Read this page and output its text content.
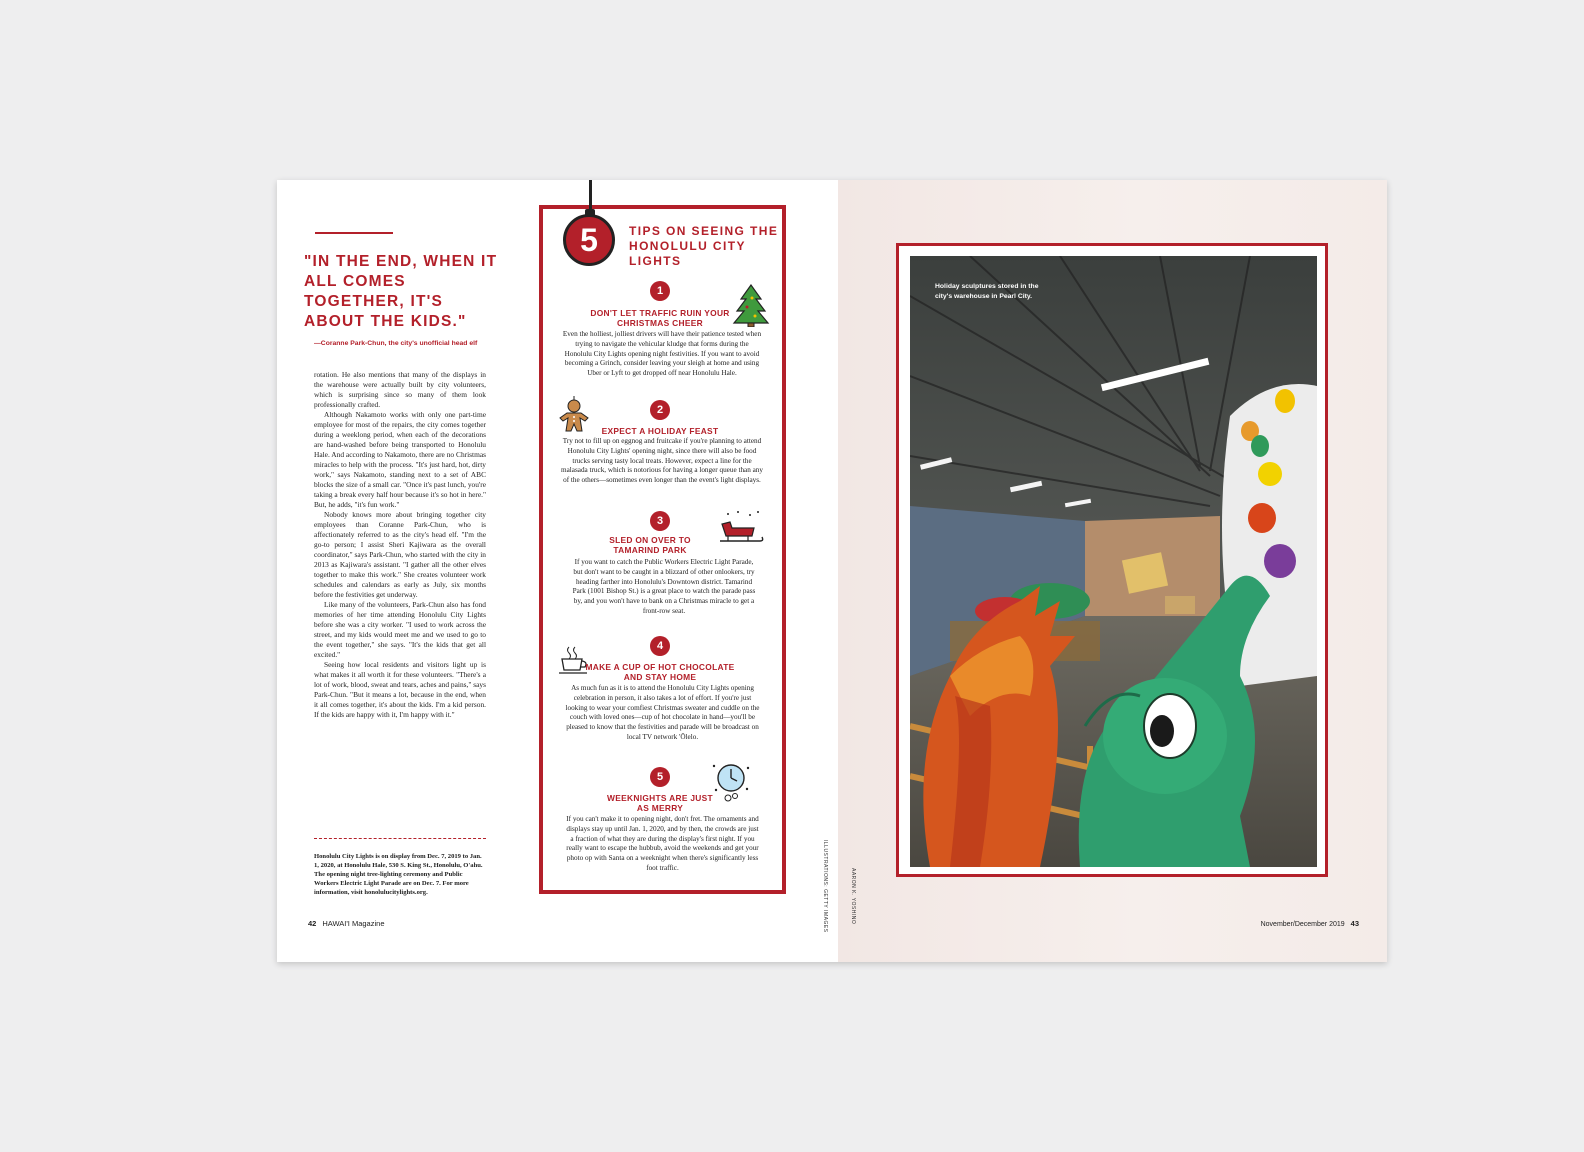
"IN THE END, WHEN IT ALL COMES TOGETHER, IT'S ABOUT THE KIDS."
—Coranne Park-Chun, the city's unofficial head elf

rotation. He also mentions that many of the displays in the warehouse were actually built by city volunteers, which is surprising since so many of them look professionally crafted.

Although Nakamoto works with only one part-time employee for most of the repairs, the city comes together during a weeklong period, when each of the decorations are hand-washed before being transported to Honolulu Hale. And according to Nakamoto, there are no Christmas miracles to help with the process. "It's just hard, hot, dirty work," says Nakamoto, standing next to a set of ABC blocks the size of a small car. "Once it's past lunch, you're taking a break every half hour because it's so hot in here." But, he adds, "it's fun work."

Nobody knows more about bringing together city employees than Coranne Park-Chun, who is affectionately referred to as the city's head elf. "I'm the go-to person; I assist Sheri Kajiwara as the overall coordinator," says Park-Chun, who started with the city in 2013 as Kajiwara's assistant. "I gather all the other elves together to make this work." She creates volunteer work schedules and calendars as early as July, six months before the festivities get underway.

Like many of the volunteers, Park-Chun also has fond memories of her time attending Honolulu City Lights before she was a city worker. "I used to work across the street, and my kids would meet me and we used to go to the event together," she says. "It's the kids that get all excited."

Seeing how local residents and visitors light up is what makes it all worth it for these volunteers. "There's a lot of work, blood, sweat and tears, aches and pains," says Park-Chun. "But it means a lot, because in the end, when it all comes together, it's about the kids. I'm a kid person. If the kids are happy with it, I'm happy with it."

Honolulu City Lights is on display from Dec. 7, 2019 to Jan. 1, 2020, at Honolulu Hale, 530 S. King St., Honolulu, O'ahu. The opening night tree-lighting ceremony and Public Workers Electric Light Parade are on Dec. 7. For more information, visit honolulucitylights.org.
42 HAWAI'I Magazine
5	TIPS ON SEEING THE HONOLULU CITY LIGHTS
1
DON'T LET TRAFFIC RUIN YOUR CHRISTMAS CHEER
Even the holliest, jolliest drivers will have their patience tested when trying to navigate the vehicular kludge that forms during the Honolulu City Lights opening night festivities. If you want to avoid becoming a Grinch, consider leaving your sleigh at home and using Uber or Lyft to get dropped off near Honolulu Hale.
2
EXPECT A HOLIDAY FEAST
Try not to fill up on eggnog and fruitcake if you're planning to attend Honolulu City Lights' opening night, since there will also be food trucks serving tasty local treats. However, expect a line for the malasada truck, which is notorious for having a longer queue than any of the others—sometimes even longer than the event's light displays.
3
SLED ON OVER TO TAMARIND PARK
If you want to catch the Public Workers Electric Light Parade, but don't want to be caught in a blizzard of other onlookers, try heading farther into Honolulu's Downtown district. Tamarind Park (1001 Bishop St.) is a great place to watch the parade pass by, and you won't have to bank on a Christmas miracle to get a front-row seat.
4
MAKE A CUP OF HOT CHOCOLATE AND STAY HOME
As much fun as it is to attend the Honolulu City Lights opening celebration in person, it also takes a lot of effort. If you're just looking to wear your comfiest Christmas sweater and cuddle on the couch with loved ones—cup of hot chocolate in hand—you'll be pleased to know that the festivities and parade will be broadcast on local TV network 'Ōlelo.
5
WEEKNIGHTS ARE JUST AS MERRY
If you can't make it to opening night, don't fret. The ornaments and displays stay up until Jan. 1, 2020, and by then, the crowds are just a fraction of what they are during the display's first night. If you really want to escape the hubbub, avoid the weekends and get your photo op with Santa on a weeknight when there's significantly less foot traffic.	ILLUSTRATIONS: GETTY IMAGES	AARON K. YOSHINO
Holiday sculptures stored in the city's warehouse in Pearl City.
November/December 2019 43
